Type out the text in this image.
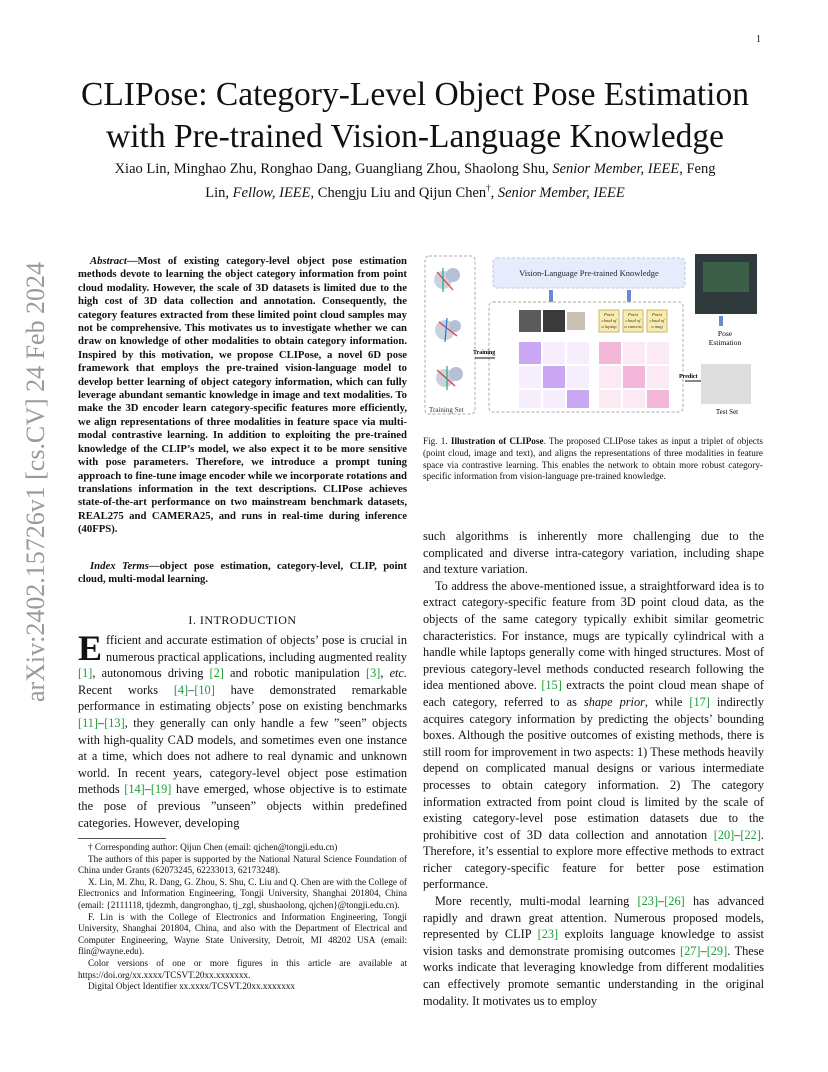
1
arXiv:2402.15726v1 [cs.CV] 24 Feb 2024
CLIPose: Category-Level Object Pose Estimation with Pre-trained Vision-Language Knowledge
Xiao Lin, Minghao Zhu, Ronghao Dang, Guangliang Zhou, Shaolong Shu, Senior Member, IEEE, Feng
Lin, Fellow, IEEE, Chengju Liu and Qijun Chen†, Senior Member, IEEE
Abstract—Most of existing category-level object pose estimation methods devote to learning the object category information from point cloud modality. However, the scale of 3D datasets is limited due to the high cost of 3D data collection and annotation. Consequently, the category features extracted from these limited point cloud samples may not be comprehensive. This motivates us to investigate whether we can draw on knowledge of other modalities to obtain category information. Inspired by this motivation, we propose CLIPose, a novel 6D pose framework that employs the pre-trained vision-language model to develop better learning of object category information, which can fully leverage abundant semantic knowledge in image and text modalities. To make the 3D encoder learn category-specific features more efficiently, we align representations of three modalities in feature space via multi-modal contrastive learning. In addition to exploiting the pre-trained knowledge of the CLIP’s model, we also expect it to be more sensitive with pose parameters. Therefore, we introduce a prompt tuning approach to fine-tune image encoder while we incorporate rotations and translations information in the text descriptions. CLIPose achieves state-of-the-art performance on two mainstream benchmark datasets, REAL275 and CAMERA25, and runs in real-time during inference (40FPS).
Index Terms—object pose estimation, category-level, CLIP, point cloud, multi-modal learning.
I. INTRODUCTION
Efficient and accurate estimation of objects’ pose is crucial in numerous practical applications, including augmented reality [1], autonomous driving [2] and robotic manipulation [3], etc. Recent works [4]–[10] have demonstrated remarkable performance in estimating objects’ pose on existing benchmarks [11]–[13], they generally can only handle a few ”seen” objects with high-quality CAD models, and sometimes even one instance at a time, which does not adhere to real dynamic and unknown world. In recent years, category-level object pose estimation methods [14]–[19] have emerged, whose objective is to estimate the pose of previous ”unseen” objects within predefined categories. However, developing

† Corresponding author: Qijun Chen (email: qjchen@tongji.edu.cn)

The authors of this paper is supported by the National Natural Science Foundation of China under Grants (62073245, 62233013, 62173248).

X. Lin, M. Zhu, R. Dang, G. Zhou, S. Shu, C. Liu and Q. Chen are with the College of Electronics and Information Engineering, Tongji University, Shanghai 201804, China (email: {2111118, tjdezmh, dangronghao, tj_zgl, shushaolong, qjchen}@tongji.edu.cn).

F. Lin is with the College of Electronics and Information Engineering, Tongji University, Shanghai 201804, China, and also with the Department of Electrical and Computer Engineering, Wayne State University, Detroit, MI 48202 USA (email: flin@wayne.edu).

Color versions of one or more figures in this article are available at https://doi.org/xx.xxxx/TCSVT.20xx.xxxxxxx.

Digital Object Identifier xx.xxxx/TCSVT.20xx.xxxxxxx

Training Set
Vision-Language Pre-trained Knowledge
Point
cloud of
a laptop
Point
cloud of
a camera
Point
cloud of
a mug
Training
Pose
Estimation
Predict
Test Set
Fig. 1. Illustration of CLIPose. The proposed CLIPose takes as input a triplet of objects (point cloud, image and text), and aligns the representations of three modalities in feature space via contrastive learning. This enables the network to obtain more robust category-specific information from vision-language pre-trained knowledge.

such algorithms is inherently more challenging due to the complicated and diverse intra-category variation, including shape and texture variation.

To address the above-mentioned issue, a straightforward idea is to extract category-specific feature from 3D point cloud data, as the objects of the same category typically exhibit similar geometric characteristics. For instance, mugs are typically cylindrical with a handle while laptops generally come with hinged structures. Most of previous category-level methods conducted research following the idea mentioned above. [15] extracts the point cloud mean shape of each category, referred to as shape prior, while [17] indirectly acquires category information by predicting the objects’ bounding boxes. Although the positive outcomes of existing methods, there is still room for improvement in two aspects: 1) These methods heavily depend on complicated manual designs or various intermediate processes to obtain category information. 2) The category information extracted from point cloud is limited by the scale of existing category-level pose estimation datasets due to the prohibitive cost of 3D data collection and annotation [20]–[22]. Therefore, it’s essential to explore more effective methods to extract richer category-specific feature for better pose estimation performance.

More recently, multi-modal learning [23]–[26] has advanced rapidly and drawn great attention. Numerous proposed models, represented by CLIP [23] exploits language knowledge to assist vision tasks and demonstrate promising outcomes [27]–[29]. These works indicate that leveraging knowledge from different modalities can effectively promote semantic understanding in the original modality. It motivates us to employ
